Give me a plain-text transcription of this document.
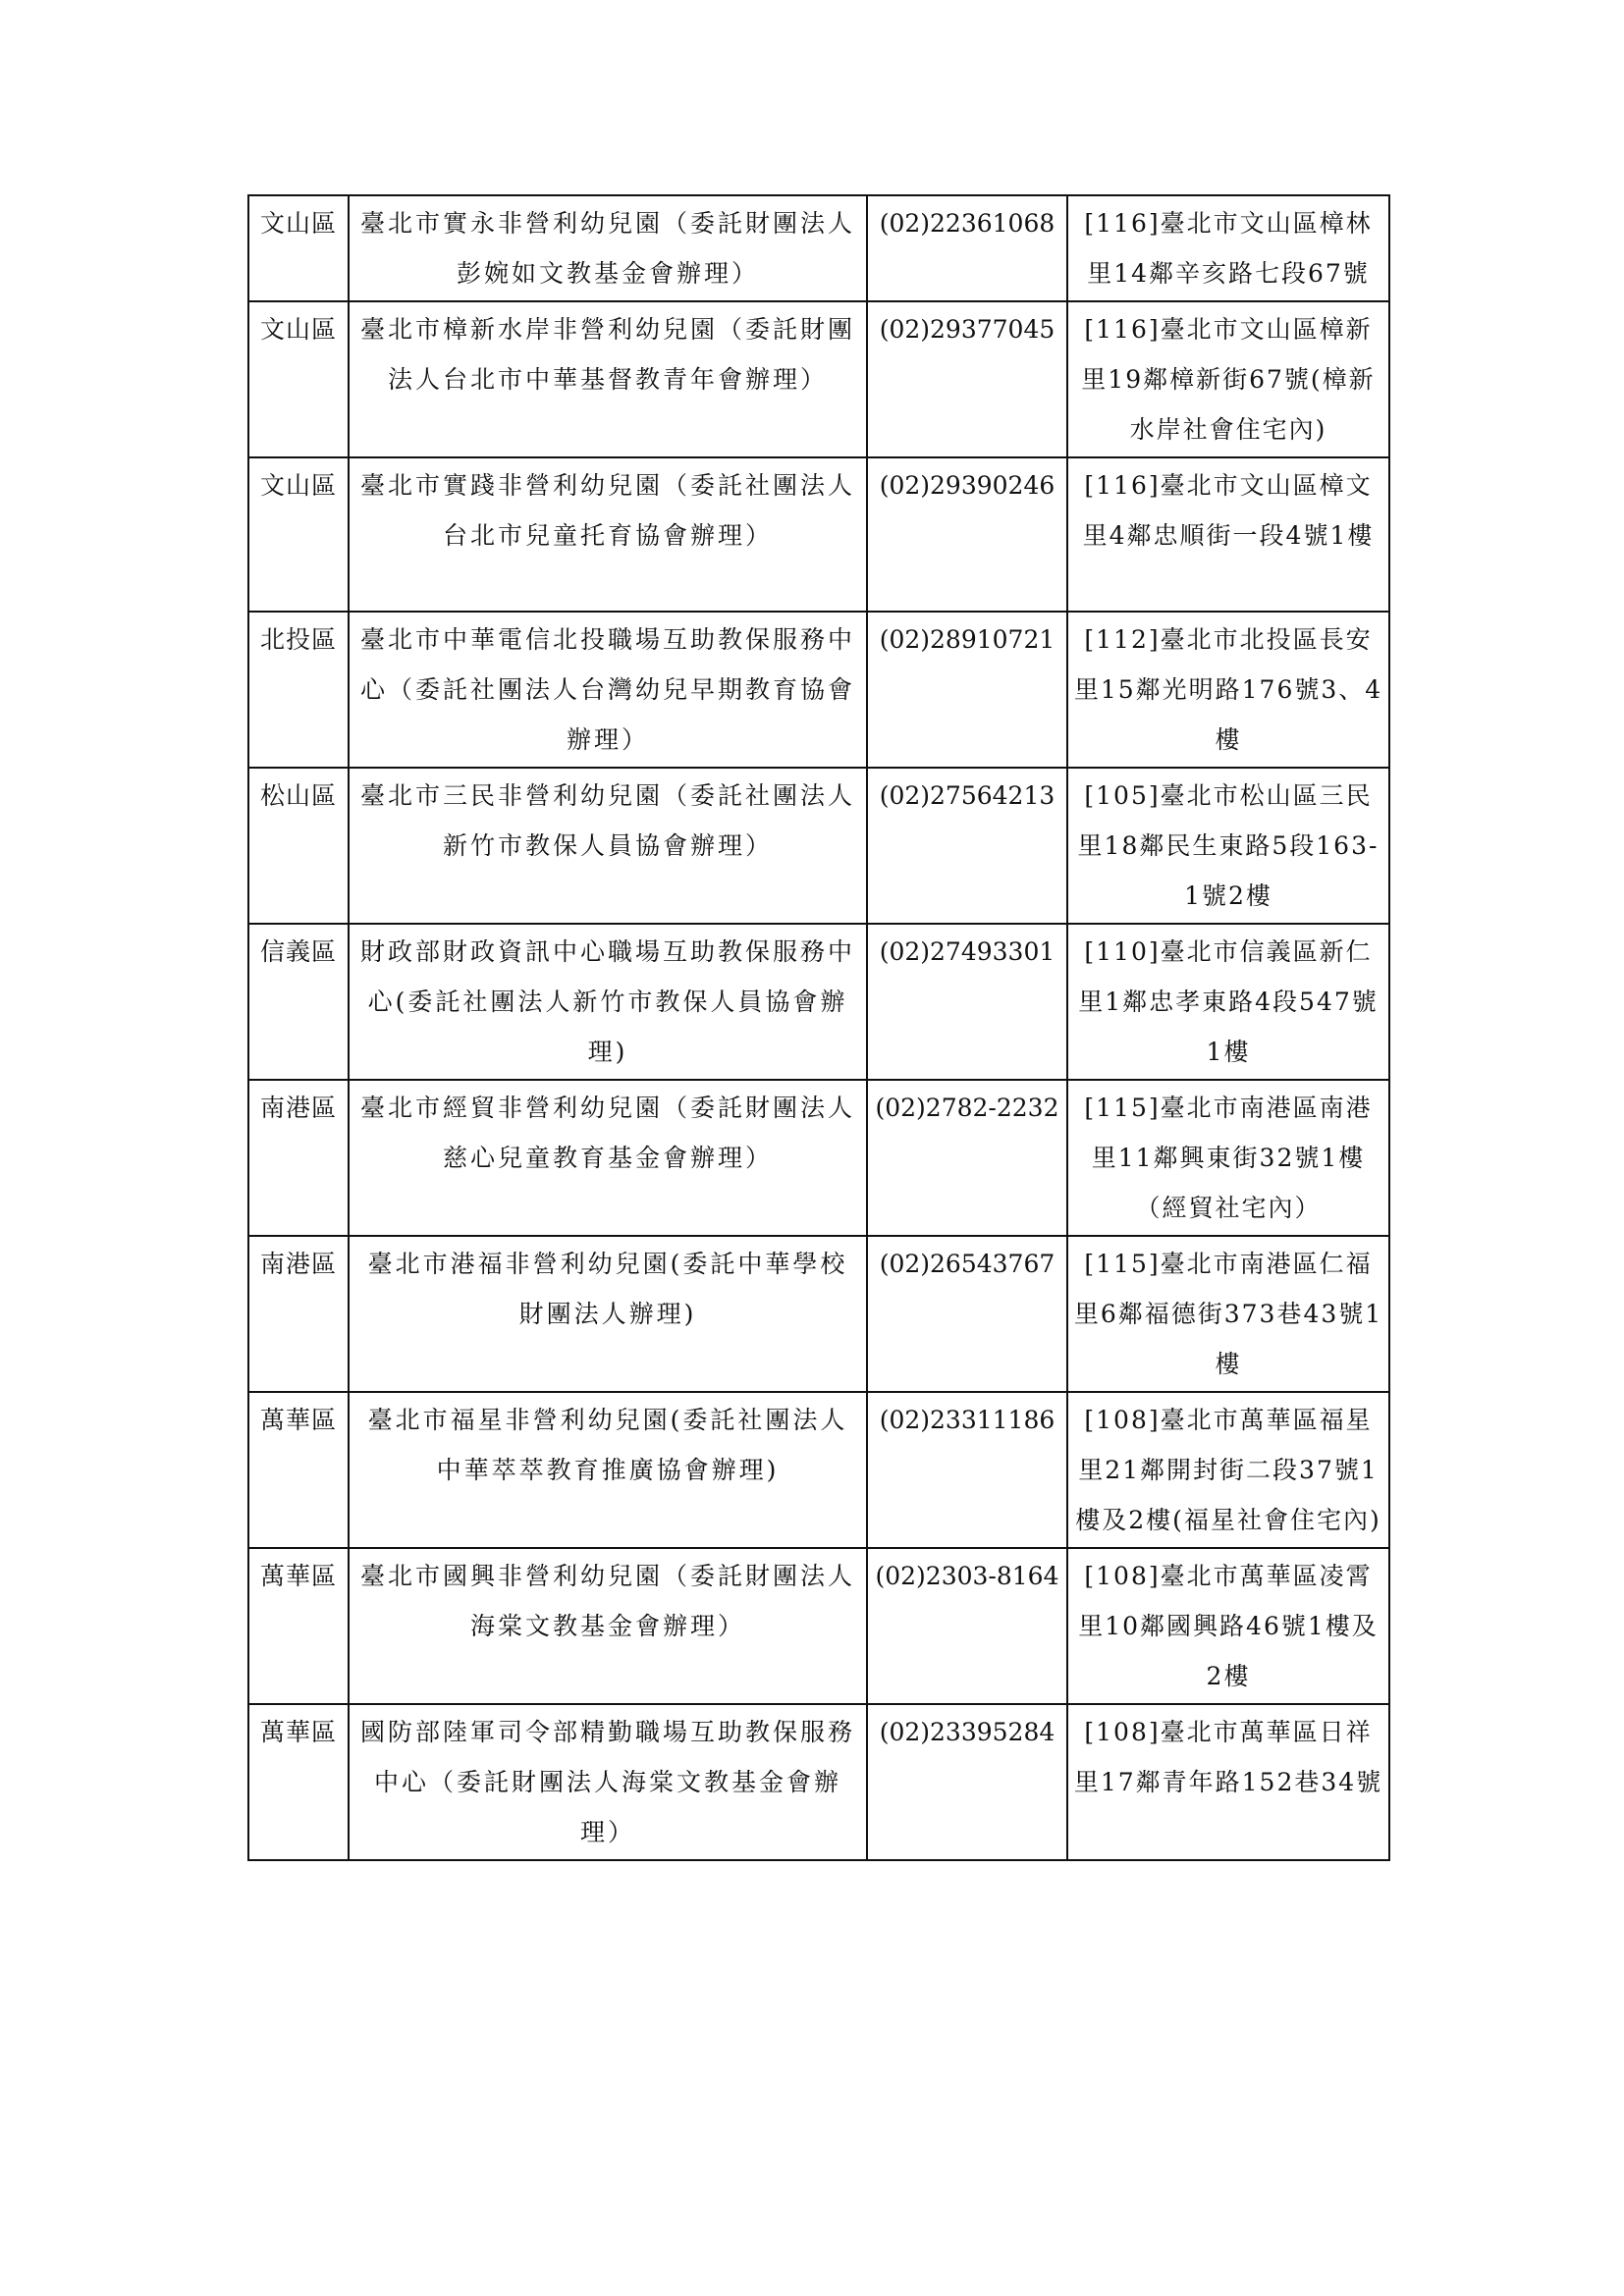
文山區	臺北市實永非營利幼兒園（委託財團法人彭婉如文教基金會辦理）	(02)22361068	[116]臺北市文山區樟林里14鄰辛亥路七段67號
文山區	臺北市樟新水岸非營利幼兒園（委託財團法人台北市中華基督教青年會辦理）	(02)29377045	[116]臺北市文山區樟新里19鄰樟新街67號(樟新水岸社會住宅內)
文山區	臺北市實踐非營利幼兒園（委託社團法人台北市兒童托育協會辦理）	(02)29390246	[116]臺北市文山區樟文里4鄰忠順街一段4號1樓
北投區	臺北市中華電信北投職場互助教保服務中心（委託社團法人台灣幼兒早期教育協會辦理）	(02)28910721	[112]臺北市北投區長安里15鄰光明路176號3、4樓
松山區	臺北市三民非營利幼兒園（委託社團法人新竹市教保人員協會辦理）	(02)27564213	[105]臺北市松山區三民里18鄰民生東路5段163-1號2樓
信義區	財政部財政資訊中心職場互助教保服務中心(委託社團法人新竹市教保人員協會辦理)	(02)27493301	[110]臺北市信義區新仁里1鄰忠孝東路4段547號1樓
南港區	臺北市經貿非營利幼兒園（委託財團法人慈心兒童教育基金會辦理）	(02)2782-2232	[115]臺北市南港區南港里11鄰興東街32號1樓（經貿社宅內）
南港區	臺北市港福非營利幼兒園(委託中華學校財團法人辦理)	(02)26543767	[115]臺北市南港區仁福里6鄰福德街373巷43號1樓
萬華區	臺北市福星非營利幼兒園(委託社團法人中華萃萃教育推廣協會辦理)	(02)23311186	[108]臺北市萬華區福星里21鄰開封街二段37號1樓及2樓(福星社會住宅內)
萬華區	臺北市國興非營利幼兒園（委託財團法人海棠文教基金會辦理）	(02)2303-8164	[108]臺北市萬華區凌霄里10鄰國興路46號1樓及2樓
萬華區	國防部陸軍司令部精勤職場互助教保服務中心（委託財團法人海棠文教基金會辦理）	(02)23395284	[108]臺北市萬華區日祥里17鄰青年路152巷34號
